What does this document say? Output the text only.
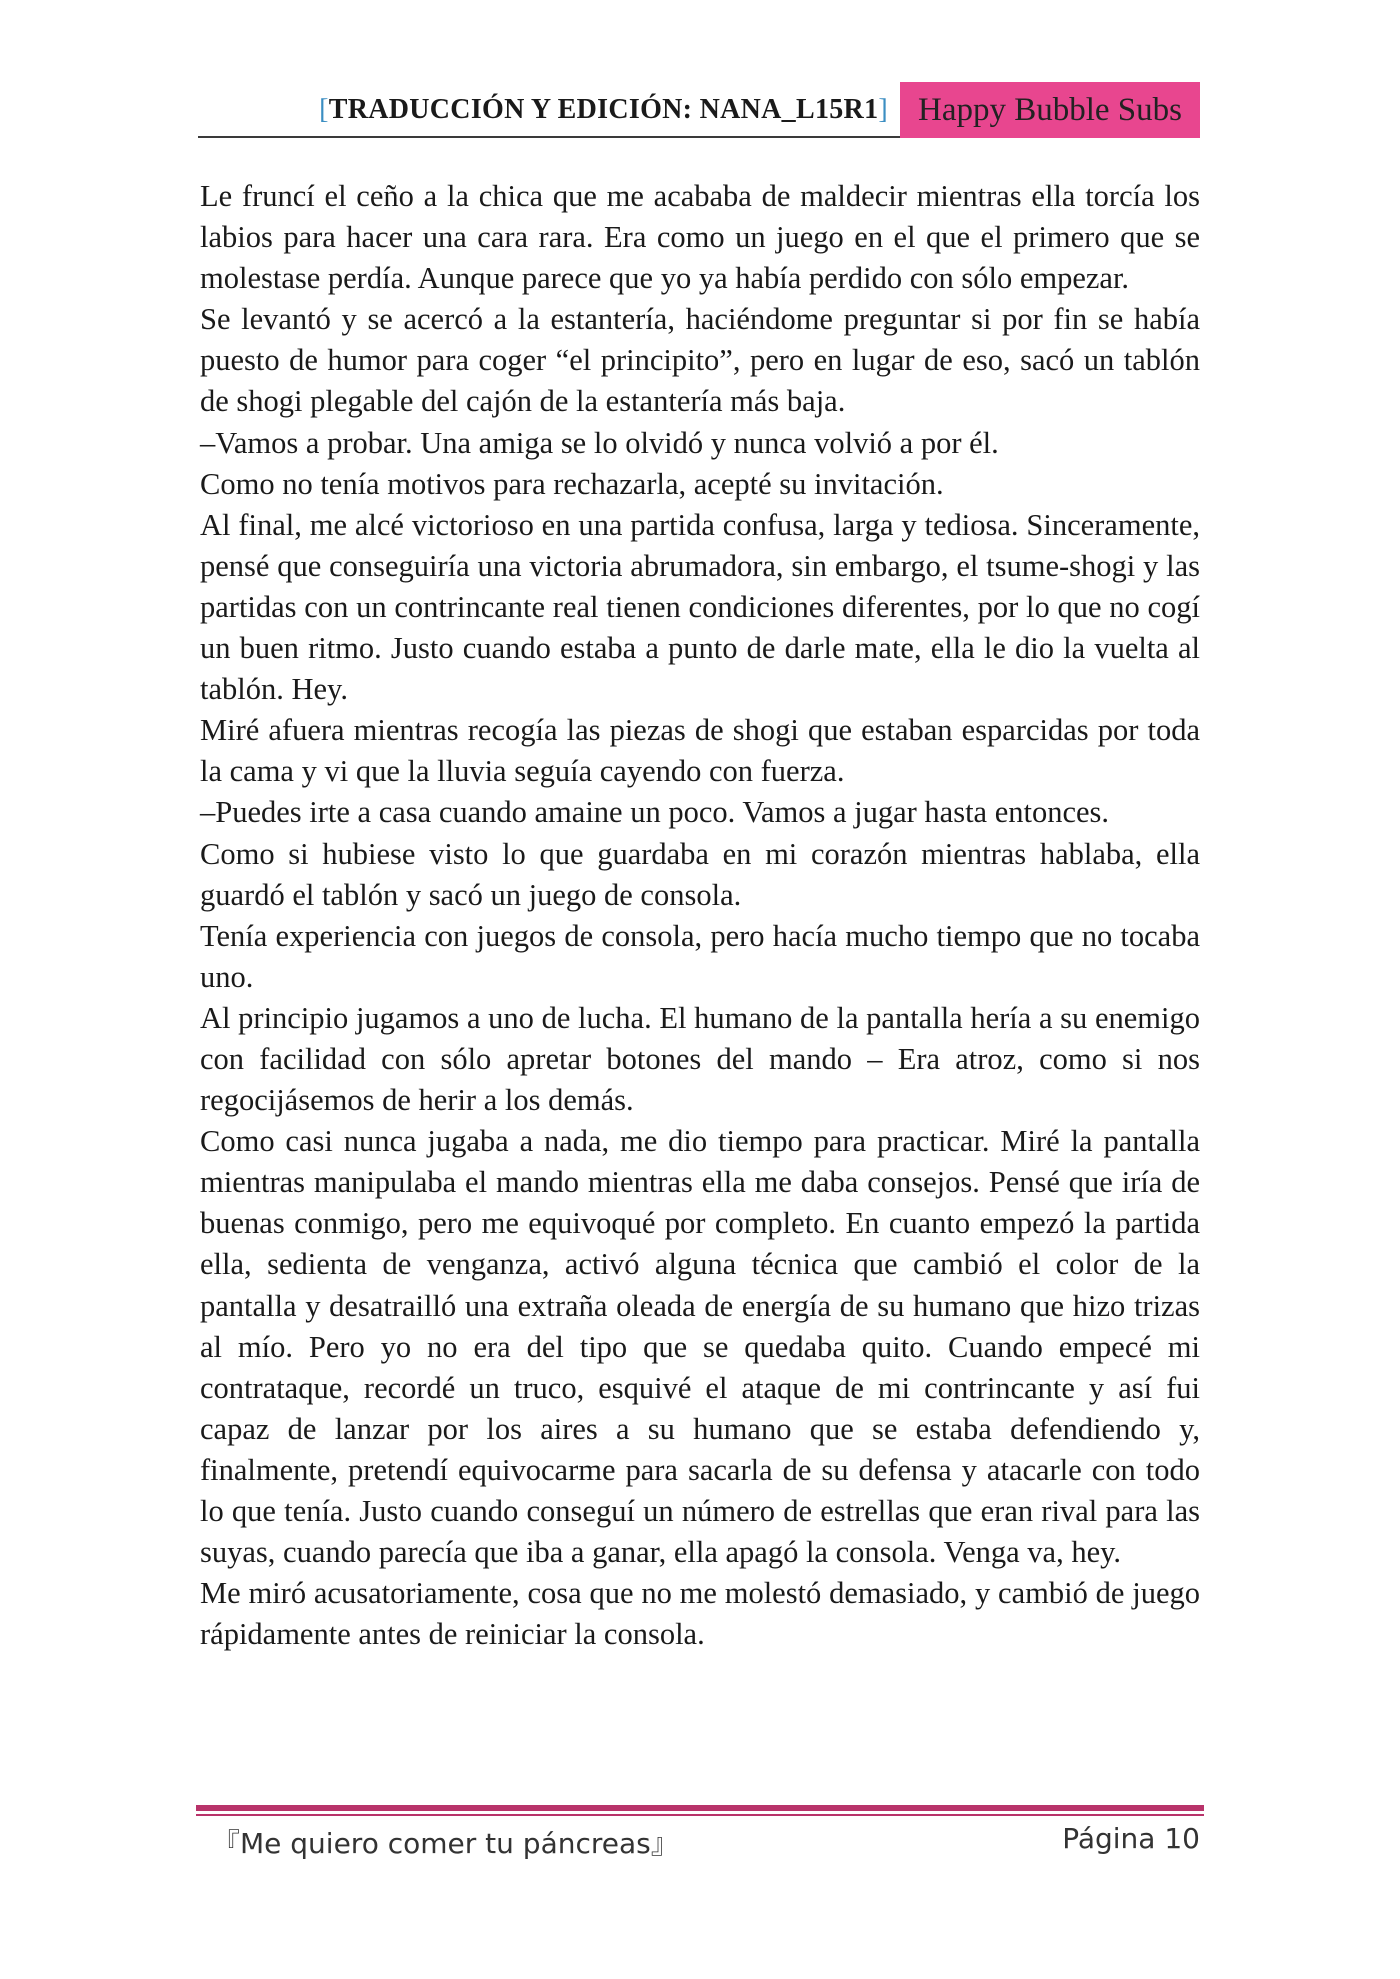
[TRADUCCIÓN Y EDICIÓN: NANA_L15R1] Happy Bubble Subs

Le fruncí el ceño a la chica que me acababa de maldecir mientras ella torcía los labios para hacer una cara rara. Era como un juego en el que el primero que se molestase perdía. Aunque parece que yo ya había perdido con sólo empezar.

Se levantó y se acercó a la estantería, haciéndome preguntar si por fin se había puesto de humor para coger “el principito”, pero en lugar de eso, sacó un tablón de shogi plegable del cajón de la estantería más baja.

–Vamos a probar. Una amiga se lo olvidó y nunca volvió a por él.

Como no tenía motivos para rechazarla, acepté su invitación.

Al final, me alcé victorioso en una partida confusa, larga y tediosa. Sinceramente, pensé que conseguiría una victoria abrumadora, sin embargo, el tsume-shogi y las partidas con un contrincante real tienen condiciones diferentes, por lo que no cogí un buen ritmo. Justo cuando estaba a punto de darle mate, ella le dio la vuelta al tablón. Hey.

Miré afuera mientras recogía las piezas de shogi que estaban esparcidas por toda la cama y vi que la lluvia seguía cayendo con fuerza.

–Puedes irte a casa cuando amaine un poco. Vamos a jugar hasta entonces.

Como si hubiese visto lo que guardaba en mi corazón mientras hablaba, ella guardó el tablón y sacó un juego de consola.

Tenía experiencia con juegos de consola, pero hacía mucho tiempo que no tocaba uno.

Al principio jugamos a uno de lucha. El humano de la pantalla hería a su enemigo con facilidad con sólo apretar botones del mando – Era atroz, como si nos regocijásemos de herir a los demás.

Como casi nunca jugaba a nada, me dio tiempo para practicar. Miré la pantalla mientras manipulaba el mando mientras ella me daba consejos. Pensé que iría de buenas conmigo, pero me equivoqué por completo. En cuanto empezó la partida ella, sedienta de venganza, activó alguna técnica que cambió el color de la pantalla y desatrailló una extraña oleada de energía de su humano que hizo trizas al mío. Pero yo no era del tipo que se quedaba quito. Cuando empecé mi contrataque, recordé un truco, esquivé el ataque de mi contrincante y así fui capaz de lanzar por los aires a su humano que se estaba defendiendo y, finalmente, pretendí equivocarme para sacarla de su defensa y atacarle con todo lo que tenía. Justo cuando conseguí un número de estrellas que eran rival para las suyas, cuando parecía que iba a ganar, ella apagó la consola. Venga va, hey.

Me miró acusatoriamente, cosa que no me molestó demasiado, y cambió de juego rápidamente antes de reiniciar la consola.

『Me quiero comer tu páncreas』	Página 10
